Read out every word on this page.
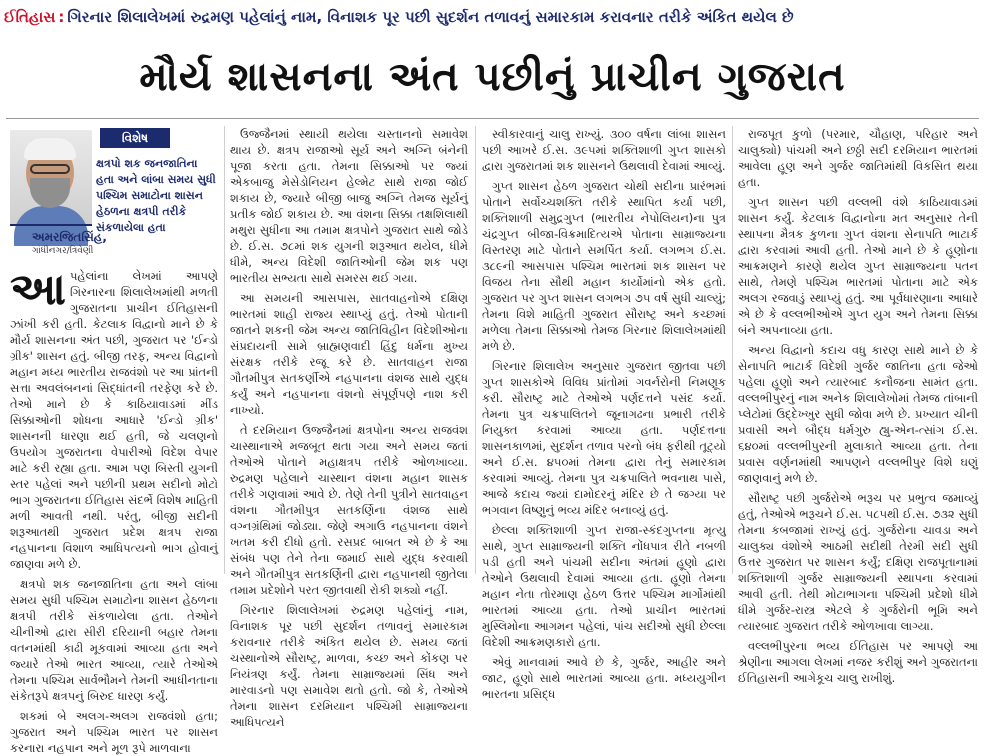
ઈતિહાસ : ગિરનાર શિલાલેખમાં રુદ્રમણ પહેલાંનું નામ, વિનાશક પૂર પછી સુદર્શન તળાવનું સમારકામ કરાવનાર તરીકે અંકિત થયેલ છે
મૌર્ય શાસનના અંત પછીનું પ્રાચીન ગુજરાત
વિશેષ
ક્ષત્રપો શક જનજાતિના હતા અને લાંબા સમય સુધી પશ્ચિમ સમાટોના શાસન હેઠળના ક્ષત્રપી તરીકે સંકળાયેલા હતા
અમરજિતસિંહ,
ગાંધીનગર/ત્રિવેણી

આપહેલાંના લેખમાં આપણે ગિરનારના શિલાલેખમાંથી મળતી ગુજરાતના પ્રાચીન ઈતિહાસની ઝાંખી કરી હતી. કેટલાક વિદ્વાનો માને છે કે મૌર્ય શાસનના અંત પછી, ગુજરાત પર 'ઈન્ડો ગ્રીક' શાસન હતું. બીજી તરફ, અન્ય વિદ્વાનો મહાન મધ્ય ભારતીય રાજવંશો પર આ પ્રાંતની સત્તા અવલંબનનાં સિદ્ધાંતની તરફેણ કરે છે. તેઓ માને છે કે કાઠિયાવાડમાં મીંડ સિક્કાઓની શોધના આધારે 'ઈન્ડો ગ્રીક' શાસનની ધારણા થઈ હતી, જે ચલણનો ઉપયોગ ગુજરાતના વેપારીઓ વિદેશ વેપાર માટે કરી રહ્યા હતા. આમ પણ બિસ્તી યુગની સ્તર પહેલાં અને પછીની પ્રથમ સદીનો મોટો ભાગ ગુજરાતના ઈતિહાસ સંદર્ભે વિશેષ માહિતી મળી આવતી નથી. પરંતુ, બીજી સદીની શરૂઆતથી ગુજરાત પ્રદેશ ક્ષત્રપ રાજા નહપાનના વિશાળ આધિપત્યનો ભાગ હોવાનું જાણવા મળે છે.

ક્ષત્રપો શક જનજાતિના હતા અને લાંબા સમય સુધી પશ્ચિમ સમાટોના શાસન હેઠળના ક્ષત્રપી તરીકે સંકળાયેલા હતા. તેઓને ચીનીઓ દ્વારા સીરી દરિયાની બહાર તેમના વતનમાંથી કાઢી મૂકવામાં આવ્યા હતા અને જ્યારે તેઓ ભારત આવ્યા, ત્યારે તેઓએ તેમના પશ્ચિમ સાર્વભૌમને તેમની આધીનતાના સંકેતરૂપે ક્ષત્રપનું બિરુદ ધારણ કર્યું.

શકમાં બે અલગ-અલગ રાજવંશો હતા; ગુજરાત અને પશ્ચિમ ભારત પર શાસન કરનારા નહપાન અને મૂળ રૂપે માળવાના

ઉજ્જૈનમાં સ્થાયી થયેલા ચસ્તાનનો સમાવેશ થાય છે. ક્ષત્રપ રાજાઓ સૂર્ય અને અગ્નિ બંનેની પૂજા કરતા હતા. તેમના સિક્કાઓ પર જ્યાં એકબાજુ મેસેડોનિયન હેલ્મેટ સાથે રાજા જોઈ શકાય છે, જ્યારે બીજી બાજુ અગ્નિ તેમજ સૂર્યનું પ્રતીક જોઈ શકાય છે. આ વંશના સિક્કા તક્ષશિલાથી મથુરા સુધીના આ તમામ ક્ષત્રપોને ગુજરાત સાથે જોડે છે. ઈ.સ. ૭૮માં શક યુગની શરૂઆત થયેલ, ધીમે ધીમે, અન્ય વિદેશી જાતિઓની જેમ શક પણ ભારતીય સભ્યતા સાથે સમરસ થઈ ગયા.

આ સમયની આસપાસ, સાતવાહનોએ દક્ષિણ ભારતમાં શાહી રાજ્ય સ્થાપ્યું હતું. તેઓ પોતાની જાતને શકની જેમ અન્ય જાતિવિહીન વિદેશીઓના સંપ્રદાયની સામે બ્રાહ્મણવાદી હિંદુ ધર્મના મુખ્ય સંરક્ષક તરીકે રજૂ કરે છે. સાતવાહન રાજા ગૌતમીપુત્ર સતકર્ણીએ નહપાનના વંશજ સાથે યુદ્ધ કર્યું અને નહપાનના વંશનો સંપૂર્ણપણે નાશ કરી નાખ્યો.

તે દરમિયાન ઉજ્જૈનમાં ક્ષત્રપોના અન્ય રાજવંશ ચાસ્થાનાએ મજબૂત થતા ગયા અને સમય જતાં તેઓએ પોતાને મહાક્ષત્રપ તરીકે ઓળખાવ્યા. રુદ્રમણ પહેલાને ચાસ્થાન વંશના મહાન શાસક તરીકે ગણવામાં આવે છે. તેણે તેની પુત્રીને સાતવાહન વંશના ગૌતમીપુત્ર સતકર્ણિના વંશજ સાથે વગ્નગ્રંથિમાં જોડ્યા. જેણે અગાઉ નહપાનના વંશને ખતમ કરી દીધો હતો. રસપ્રદ બાબત એ છે કે આ સંબંધ પણ તેને તેના જમાઈ સાથે યુદ્ધ કરવાથી અને ગૌતમીપુત્ર સતકર્ણિની દ્વારા નહપાનથી જીતેલા તમામ પ્રદેશોને પરત જીતવાથી રોકી શક્યો નહીં.

ગિરનાર શિલાલેખમાં રુદ્રમણ પહેલાંનું નામ, વિનાશક પૂર પછી સુદર્શન તળાવનું સમારકામ કરાવનાર તરીકે અંકિત થયેલ છે. સમય જતાં ચસ્થાનોએ સૌરાષ્ટ્ર, માળવા, કચ્છ અને કોંકણ પર નિયંત્રણ કર્યું. તેમના સામ્રાજ્યમાં સિંધ અને મારવાડનો પણ સમાવેશ થતો હતો. જો કે, તેઓએ તેમના શાસન દરમિયાન પશ્ચિમી સામ્રાજ્યના આધિપત્યને

સ્વીકારવાનું ચાલુ રાખ્યું. ૩૦૦ વર્ષના લાંબા શાસન પછી આખરે ઈ.સ. ૩૯૫માં શક્તિશાળી ગુપ્ત શાસકો દ્વારા ગુજરાતમાં શક શાસનને ઉથલાવી દેવામાં આવ્યું.

ગુપ્ત શાસન હેઠળ ગુજરાત ચોથી સદીના પ્રારંભમાં પોતાને સર્વોચ્ચશક્તિ તરીકે સ્થાપિત કર્યા પછી, શક્તિશાળી સમુદ્રગુપ્ત (ભારતીય નેપોલિયન)ના પુત્ર ચંદ્રગુપ્ત બીજા-વિક્રમાદિત્યએ પોતાના સામ્રાજ્યના વિસ્તરણ માટે પોતાને સમર્પિત કર્યા. લગભગ ઈ.સ. ૩૮૯ની આસપાસ પશ્ચિમ ભારતમાં શક શાસન પર વિજય તેના સૌથી મહાન કાર્યોમાંનો એક હતો. ગુજરાત પર ગુપ્ત શાસન લગભગ ૭૫ વર્ષ સુધી ચાલ્યું; તેમના વિશે માહિતી ગુજરાત સૌરાષ્ટ્ર અને કચ્છમાં મળેલા તેમના સિક્કાઓ તેમજ ગિરનાર શિલાલેખમાંથી મળે છે.

ગિરનાર શિલાલેખ અનુસાર ગુજરાત જીતવા પછી ગુપ્ત શાસકોએ વિવિધ પ્રાંતોમાં ગવર્નરોની નિમણૂક કરી. સૌરાષ્ટ્ર માટે તેઓએ પર્ણદત્તને પસંદ કર્યા. તેમના પુત્ર ચક્રપાલિતને જૂનાગઢના પ્રભારી તરીકે નિયુક્ત કરવામાં આવ્યા હતા. પર્ણદત્તના શાસનકાળમાં, સુદર્શન તળાવ પરનો બંધ ફરીથી તૂટ્યો અને ઈ.સ. ૪૫૦માં તેમના દ્વારા તેનું સમારકામ કરવામાં આવ્યું. તેમના પુત્ર ચક્રપાલિતે ભવનાથ પાસે, આજે કદાચ જ્યાં દામોદરનું મંદિર છે તે જગ્યા પર ભગવાન વિષ્ણુનું ભવ્ય મંદિર બનાવ્યું હતું.

છેલ્લા શક્તિશાળી ગુપ્ત રાજા-સ્કંદગુપ્તના મૃત્યુ સાથે, ગુપ્ત સામ્રાજ્યની શક્તિ નોંધપાત્ર રીતે નબળી પડી હતી અને પાંચમી સદીના અંતમાં હૂણો દ્વારા તેઓને ઉથલાવી દેવામાં આવ્યા હતા. હૂણો તેમના મહાન નેતા તોરમાણ હેઠળ ઉત્તર પશ્ચિમ માર્ગોમાંથી ભારતમાં આવ્યા હતા. તેઓ પ્રાચીન ભારતમાં મુસ્લિમોના આગમન પહેલાં, પાંચ સદીઓ સુધી છેલ્લા વિદેશી આક્રમણકારો હતા.

એવું માનવામાં આવે છે કે, ગુર્જર, આહીર અને જાટ, હૂણો સાથે ભારતમાં આવ્યા હતા. મધ્યયુગીન ભારતના પ્રસિદ્ધ

રાજપૂત કુળો (પરમાર, ચૌહાણ, પરિહાર અને ચાલુક્યો) પાંચમી અને છઠ્ઠી સદી દરમિયાન ભારતમાં આવેલા હૂણ અને ગુર્જર જાતિમાંથી વિકસિત થયા હતા.

ગુપ્ત શાસન પછી વલ્લભી વંશે કાઠિયાવાડમાં શાસન કર્યું. કેટલાક વિદ્વાનોના મત અનુસાર તેની સ્થાપના મૈત્રક કુળના ગુપ્ત વંશના સેનાપતિ ભાટાર્ક દ્વારા કરવામાં આવી હતી. તેઓ માને છે કે હૂણોના આક્રમણને કારણે થયેલ ગુપ્ત સામ્રાજ્યના પતન સાથે, તેમણે પશ્ચિમ ભારતમાં પોતાના માટે એક અલગ રજવાડું સ્થાપ્યું હતું. આ પૂર્વધારણાના આધારે એ છે કે વલ્લભીઓએ ગુપ્ત યુગ અને તેમના સિક્કા બંને અપનાવ્યા હતા.

અન્ય વિદ્વાનો કદાચ વધુ કારણ સાથે માને છે કે સેનાપતિ ભાટાર્ક વિદેશી ગુર્જર જાતિના હતા જેઓ પહેલા હૂણો અને ત્યારબાદ કનૌજના સામંત હતા. વલ્લભીપુરનું નામ અનેક શિલાલેખોમાં તેમજ તાંબાની પ્લેટોમાં ઉદ્દેખ્ખુર સુધી જોવા મળે છે. પ્રખ્યાત ચીની પ્રવાસી અને બૌદ્ધ ધર્મગુરુ હ્યુ-એન-ત્સાંગ ઈ.સ. ૬૪૦માં વલ્લભીપુરની મુલાકાતે આવ્યા હતા. તેના પ્રવાસ વર્ણનમાંથી આપણને વલ્લભીપુર વિશે ઘણું જાણવાનું મળે છે.

સૌરાષ્ટ્ર પછી ગુર્જરોએ ભરૂચ પર પ્રભુત્વ જમાવ્યું હતું, તેઓએ ભરૂચને ઈ.સ. ૫૮૫થી ઈ.સ. ૭૩૨ સુધી તેમના કબજામાં રાખ્યું હતું. ગુર્જરોના ચાવડા અને ચાલુક્ય વંશોએ આઠમી સદીથી તેરમી સદી સુધી ઉત્તર ગુજરાત પર શાસન કર્યું; દક્ષિણ રાજપૂતાનામાં શક્તિશાળી ગુર્જર સામ્રાજ્યની સ્થાપના કરવામાં આવી હતી. તેથી મોટાભાગના પશ્ચિમી પ્રદેશો ધીમે ધીમે ગુર્જર-રાસ્ત્ર એટલે કે ગુર્જરોની ભૂમિ અને ત્યારબાદ ગુજરાત તરીકે ઓળખાવા લાગ્યા.

વલ્લભીપુરના ભવ્ય ઈતિહાસ પર આપણે આ શ્રેણીના આગલા લેખમાં નજર કરીશું અને ગુજરાતના ઈતિહાસની આગેકૂચ ચાલુ રાખીશું.
